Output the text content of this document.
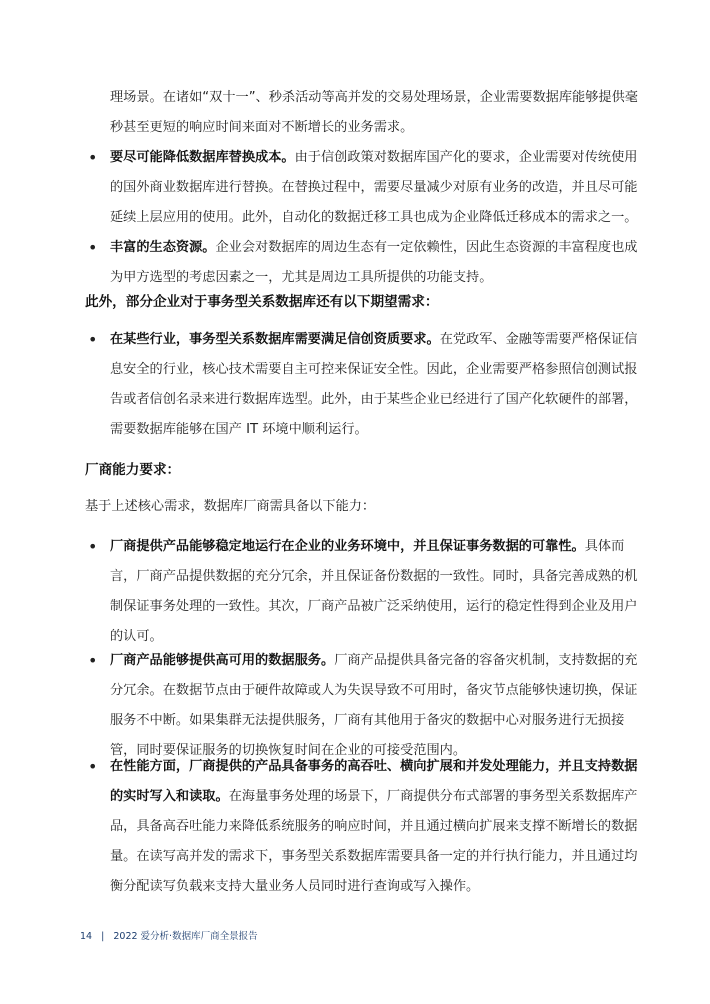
理场景。在诸如“双十一”、秒杀活动等高并发的交易处理场景，企业需要数据库能够提供毫

秒甚至更短的响应时间来面对不断增长的业务需求。

• 要尽可能降低数据库替换成本。由于信创政策对数据库国产化的要求，企业需要对传统使用的国外商业数据库进行替换。在替换过程中，需要尽量减少对原有业务的改造，并且尽可能延续上层应用的使用。此外，自动化的数据迁移工具也成为企业降低迁移成本的需求之一。
• 丰富的生态资源。企业会对数据库的周边生态有一定依赖性，因此生态资源的丰富程度也成为甲方选型的考虑因素之一，尤其是周边工具所提供的功能支持。
此外，部分企业对于事务型关系数据库还有以下期望需求：
• 在某些行业，事务型关系数据库需要满足信创资质要求。在党政军、金融等需要严格保证信息安全的行业，核心技术需要自主可控来保证安全性。因此，企业需要严格参照信创测试报告或者信创名录来进行数据库选型。此外，由于某些企业已经进行了国产化软硬件的部署，需要数据库能够在国产 IT 环境中顺利运行。
厂商能力要求：

基于上述核心需求，数据库厂商需具备以下能力：

• 厂商提供产品能够稳定地运行在企业的业务环境中，并且保证事务数据的可靠性。具体而言，厂商产品提供数据的充分冗余，并且保证备份数据的一致性。同时，具备完善成熟的机制保证事务处理的一致性。其次，厂商产品被广泛采纳使用，运行的稳定性得到企业及用户的认可。
• 厂商产品能够提供高可用的数据服务。厂商产品提供具备完备的容备灾机制，支持数据的充分冗余。在数据节点由于硬件故障或人为失误导致不可用时，备灾节点能够快速切换，保证服务不中断。如果集群无法提供服务，厂商有其他用于备灾的数据中心对服务进行无损接管，同时要保证服务的切换恢复时间在企业的可接受范围内。
• 在性能方面，厂商提供的产品具备事务的高吞吐、横向扩展和并发处理能力，并且支持数据的实时写入和读取。在海量事务处理的场景下，厂商提供分布式部署的事务型关系数据库产品，具备高吞吐能力来降低系统服务的响应时间，并且通过横向扩展来支撑不断增长的数据量。在读写高并发的需求下，事务型关系数据库需要具备一定的并行执行能力，并且通过均衡分配读写负载来支持大量业务人员同时进行查询或写入操作。
14 | 2022 爱分析·数据库厂商全景报告
